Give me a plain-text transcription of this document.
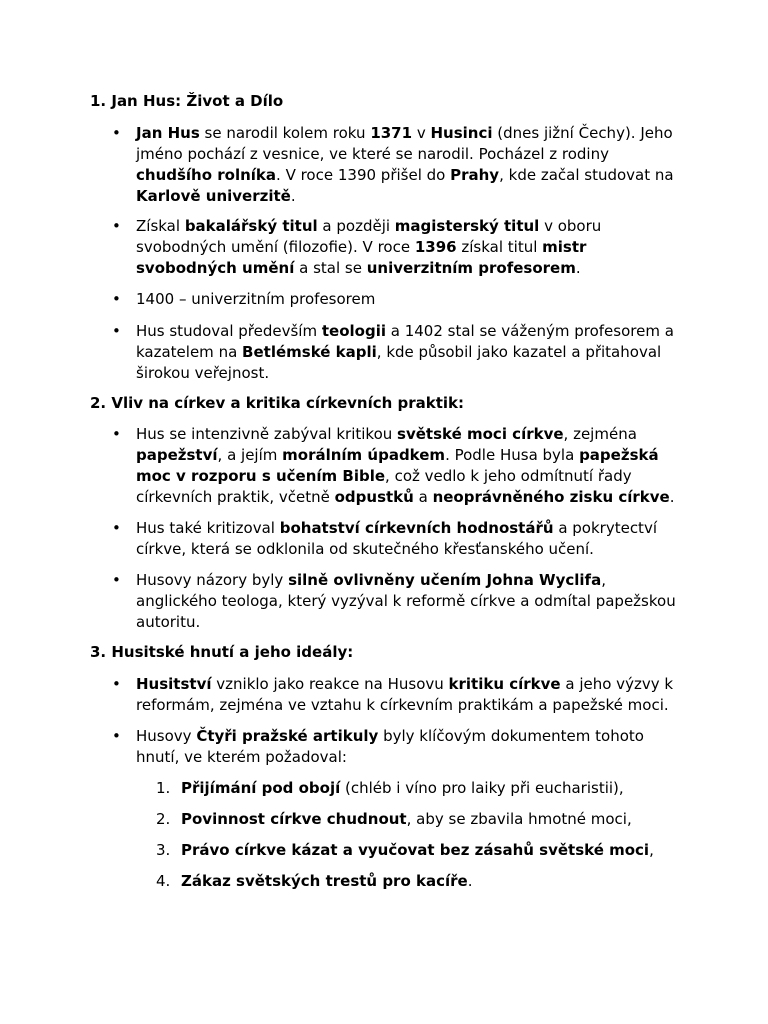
1. Jan Hus: Život a Dílo
• Jan Hus se narodil kolem roku 1371 v Husinci (dnes jižní Čechy). Jeho
jméno pochází z vesnice, ve které se narodil. Pocházel z rodiny
chudšího rolníka. V roce 1390 přišel do Prahy, kde začal studovat na
Karlově univerzitě.
• Získal bakalářský titul a později magisterský titul v oboru
svobodných umění (filozofie). V roce 1396 získal titul mistr
svobodných umění a stal se univerzitním profesorem.
• 1400 – univerzitním profesorem
• Hus studoval především teologii a 1402 stal se váženým profesorem a
kazatelem na Betlémské kapli, kde působil jako kazatel a přitahoval
širokou veřejnost.
2. Vliv na církev a kritika církevních praktik:
• Hus se intenzivně zabýval kritikou světské moci církve, zejména
papežství, a jejím morálním úpadkem. Podle Husa byla papežská
moc v rozporu s učením Bible, což vedlo k jeho odmítnutí řady
církevních praktik, včetně odpustků a neoprávněného zisku církve.
• Hus také kritizoval bohatství církevních hodnostářů a pokrytectví
církve, která se odklonila od skutečného křesťanského učení.
• Husovy názory byly silně ovlivněny učením Johna Wyclifa,
anglického teologa, který vyzýval k reformě církve a odmítal papežskou
autoritu.
3. Husitské hnutí a jeho ideály:
• Husitství vzniklo jako reakce na Husovu kritiku církve a jeho výzvy k
reformám, zejména ve vztahu k církevním praktikám a papežské moci.
• Husovy Čtyři pražské artikuly byly klíčovým dokumentem tohoto
hnutí, ve kterém požadoval:
1. Přijímání pod obojí (chléb i víno pro laiky při eucharistii),
2. Povinnost církve chudnout, aby se zbavila hmotné moci,
3. Právo církve kázat a vyučovat bez zásahů světské moci,
4. Zákaz světských trestů pro kacíře.
